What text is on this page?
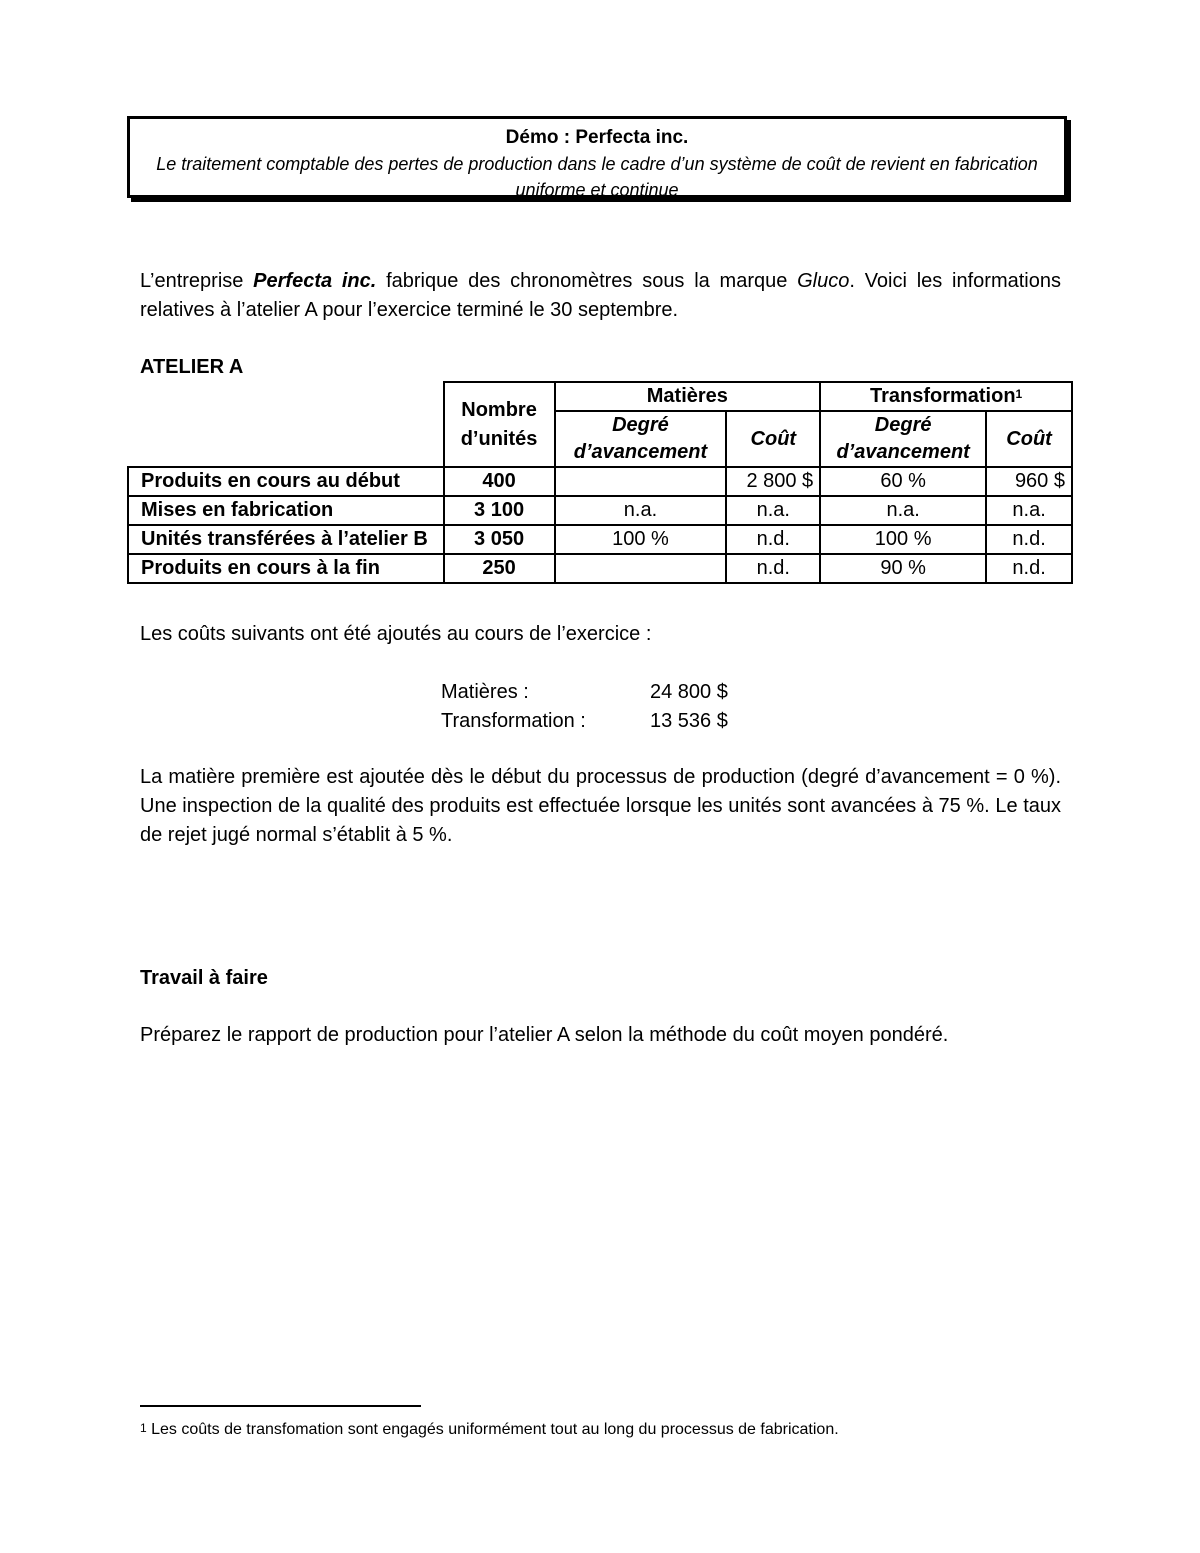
Démo : Perfecta inc.
Le traitement comptable des pertes de production dans le cadre d’un système de coût de revient en fabrication uniforme et continue
L’entreprise Perfecta inc. fabrique des chronomètres sous la marque Gluco. Voici les informations relatives à l’atelier A pour l’exercice terminé le 30 septembre.
ATELIER A
	Nombre d’unités	Matières		Transformation$^1$
		Degré d’avancement	Coût	Degré d’avancement	Coût

Produits en cours au début	400		2 800 $	60 %	960 $
Mises en fabrication	3 100	n.a.	n.a.	n.a.	n.a.
Unités transférées à l’atelier B	3 050	100 %	n.d.	100 %	n.d.
Produits en cours à la fin	250		n.d.	90 %	n.d.
Les coûts suivants ont été ajoutés au cours de l’exercice :
Matières :	24 800 $
Transformation :	13 536 $
La matière première est ajoutée dès le début du processus de production (degré d’avancement = 0 %). Une inspection de la qualité des produits est effectuée lorsque les unités sont avancées à 75 %. Le taux de rejet jugé normal s’établit à 5 %.
Travail à faire
Préparez le rapport de production pour l’atelier A selon la méthode du coût moyen pondéré.
$^1$ Les coûts de transfomation sont engagés uniformément tout au long du processus de fabrication.
